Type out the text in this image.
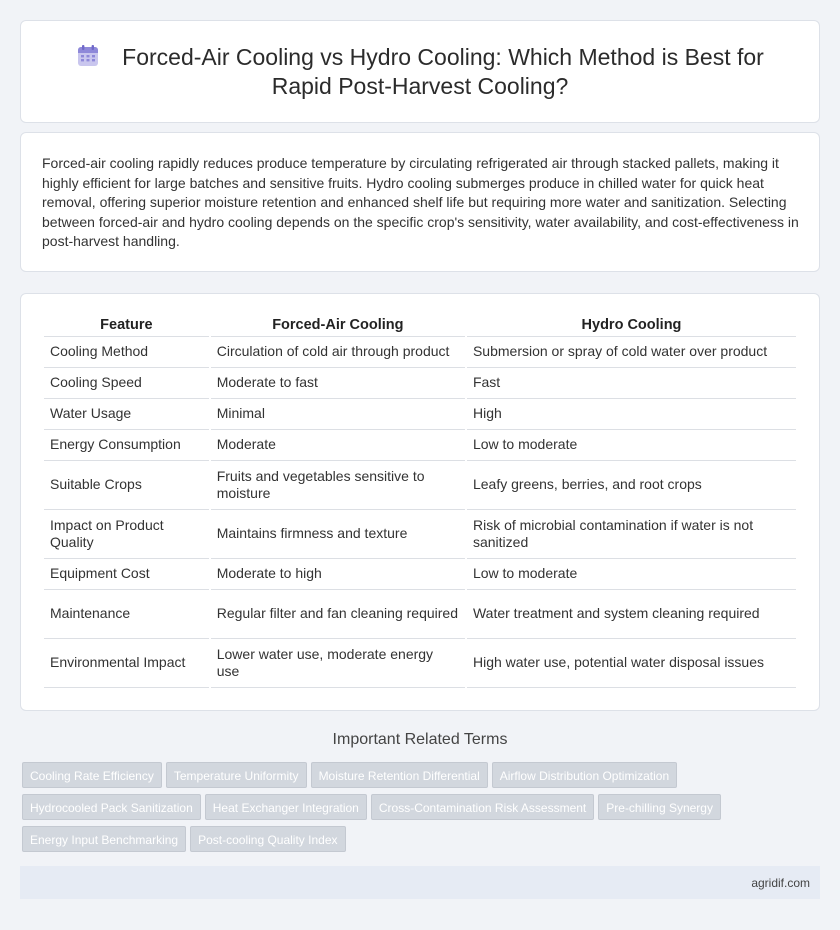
Forced-Air Cooling vs Hydro Cooling: Which Method is Best for Rapid Post-Harvest Cooling?

Forced-air cooling rapidly reduces produce temperature by circulating refrigerated air through stacked pallets, making it highly efficient for large batches and sensitive fruits. Hydro cooling submerges produce in chilled water for quick heat removal, offering superior moisture retention and enhanced shelf life but requiring more water and sanitization. Selecting between forced-air and hydro cooling depends on the specific crop's sensitivity, water availability, and cost-effectiveness in post-harvest handling.

Feature	Forced-Air Cooling	Hydro Cooling
Cooling Method	Circulation of cold air through product	Submersion or spray of cold water over product
Cooling Speed	Moderate to fast	Fast
Water Usage	Minimal	High
Energy Consumption	Moderate	Low to moderate
Suitable Crops	Fruits and vegetables sensitive to moisture	Leafy greens, berries, and root crops
Impact on Product Quality	Maintains firmness and texture	Risk of microbial contamination if water is not sanitized
Equipment Cost	Moderate to high	Low to moderate
Maintenance	Regular filter and fan cleaning required	Water treatment and system cleaning required
Environmental Impact	Lower water use, moderate energy use	High water use, potential water disposal issues
Important Related Terms
Cooling Rate Efficiency Temperature Uniformity Moisture Retention Differential Airflow Distribution Optimization
Hydrocooled Pack Sanitization Heat Exchanger Integration Cross-Contamination Risk Assessment Pre-chilling Synergy
Energy Input Benchmarking Post-cooling Quality Index
agridif.com
